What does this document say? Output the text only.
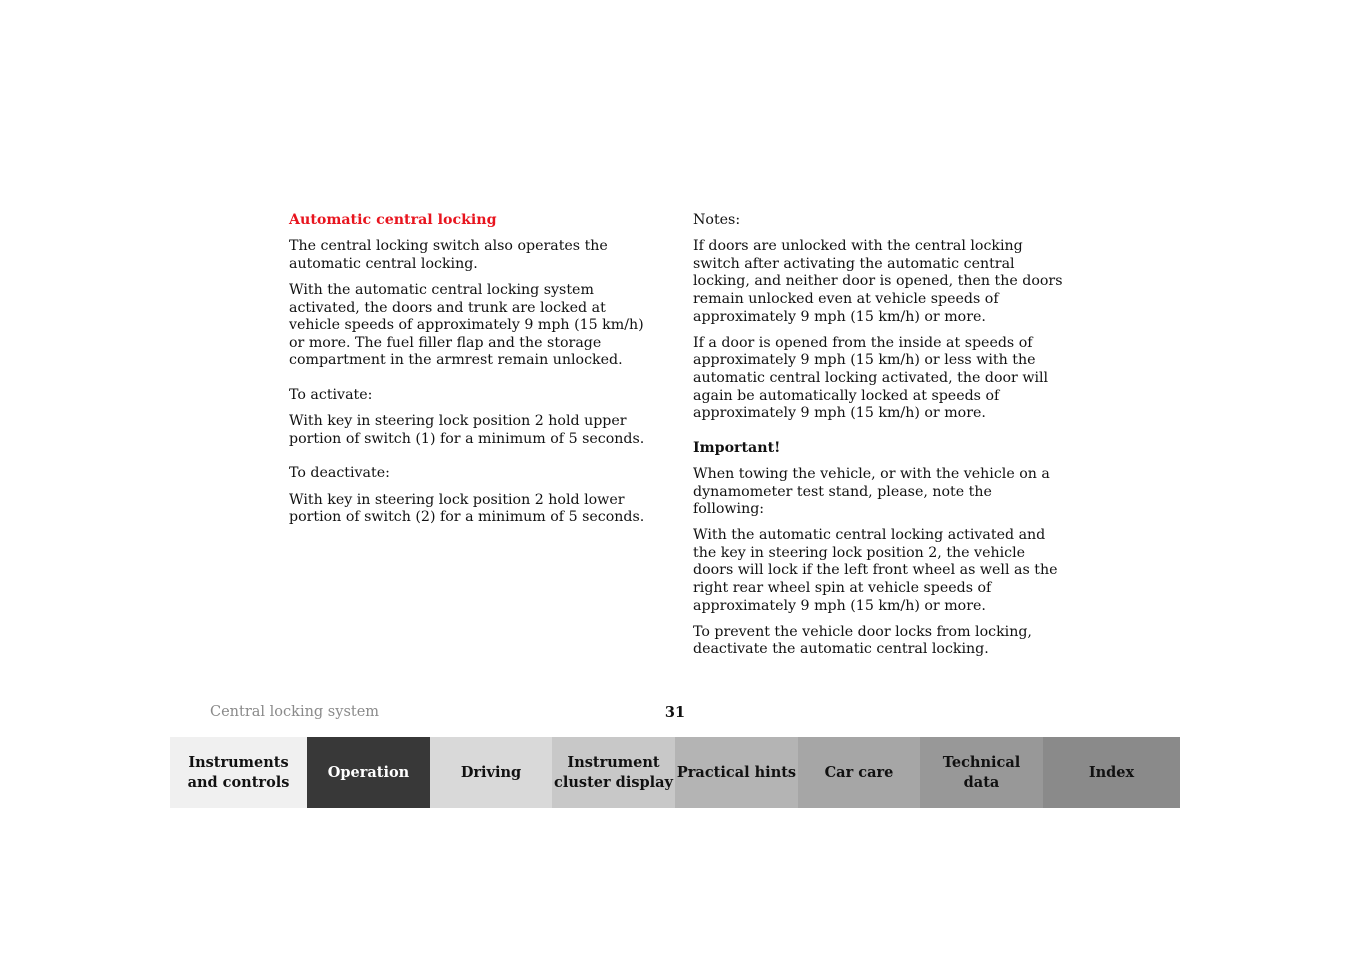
Automatic central locking

The central locking switch also operates the automatic central locking.

With the automatic central locking system activated, the doors and trunk are locked at vehicle speeds of approximately 9 mph (15 km/h) or more. The fuel filler flap and the storage compartment in the armrest remain unlocked.

To activate:

With key in steering lock position 2 hold upper portion of switch (1) for a minimum of 5 seconds.

To deactivate:

With key in steering lock position 2 hold lower portion of switch (2) for a minimum of 5 seconds.

Notes:

If doors are unlocked with the central locking switch after activating the automatic central locking, and neither door is opened, then the doors remain unlocked even at vehicle speeds of approximately 9 mph (15 km/h) or more.

If a door is opened from the inside at speeds of approximately 9 mph (15 km/h) or less with the automatic central locking activated, the door will again be automatically locked at speeds of approximately 9 mph (15 km/h) or more.

Important!

When towing the vehicle, or with the vehicle on a dynamometer test stand, please, note the following:

With the automatic central locking activated and the key in steering lock position 2, the vehicle doors will lock if the left front wheel as well as the right rear wheel spin at vehicle speeds of approximately 9 mph (15 km/h) or more.

To prevent the vehicle door locks from locking, deactivate the automatic central locking.

Central locking system	31
Instruments
and controls
Operation	Driving
Instrument
cluster display
Practical hints	Car care
Technical
data
Index
